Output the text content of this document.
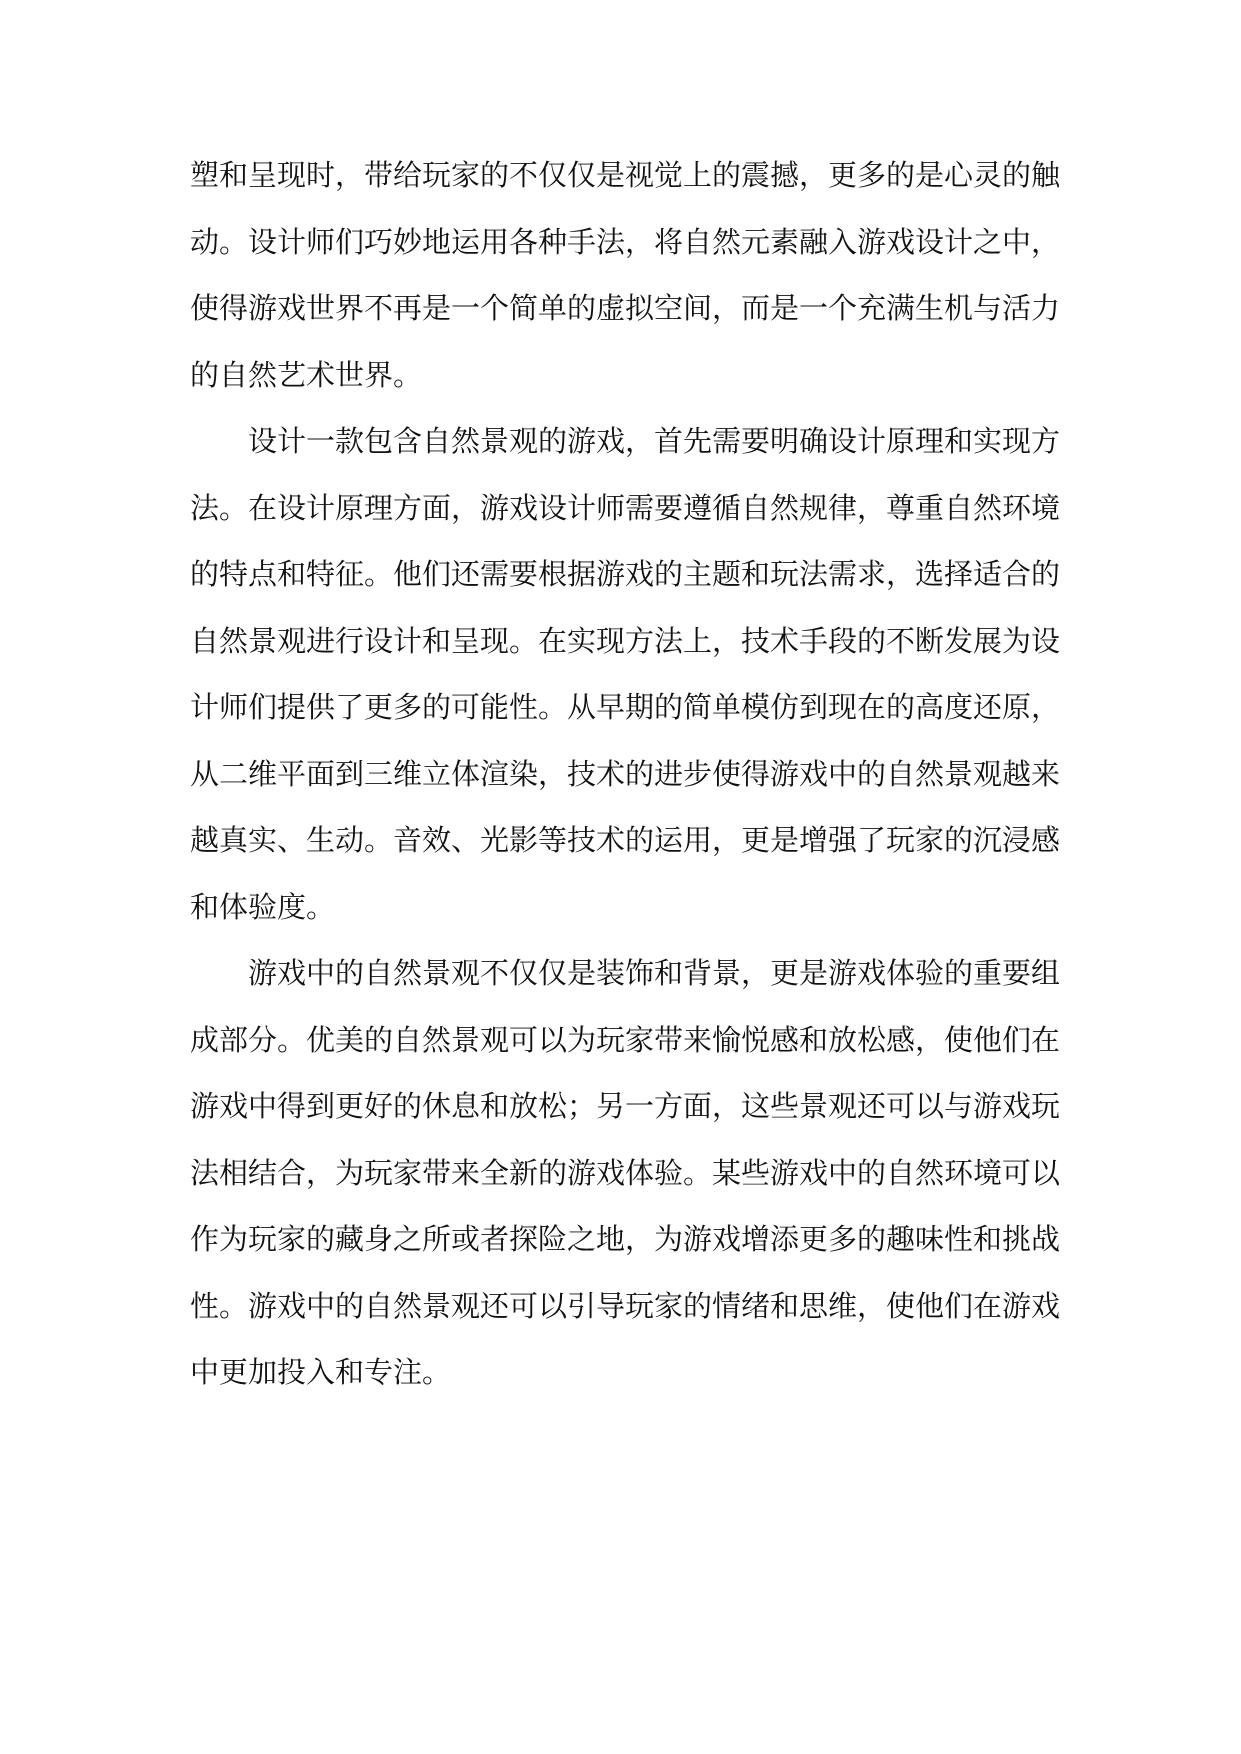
塑和呈现时，带给玩家的不仅仅是视觉上的震撼，更多的是心灵的触动。设计师们巧妙地运用各种手法，将自然元素融入游戏设计之中，使得游戏世界不再是一个简单的虚拟空间，而是一个充满生机与活力的自然艺术世界。

设计一款包含自然景观的游戏，首先需要明确设计原理和实现方法。在设计原理方面，游戏设计师需要遵循自然规律，尊重自然环境的特点和特征。他们还需要根据游戏的主题和玩法需求，选择适合的自然景观进行设计和呈现。在实现方法上，技术手段的不断发展为设计师们提供了更多的可能性。从早期的简单模仿到现在的高度还原，从二维平面到三维立体渲染，技术的进步使得游戏中的自然景观越来越真实、生动。音效、光影等技术的运用，更是增强了玩家的沉浸感和体验度。

游戏中的自然景观不仅仅是装饰和背景，更是游戏体验的重要组成部分。优美的自然景观可以为玩家带来愉悦感和放松感，使他们在游戏中得到更好的休息和放松；另一方面，这些景观还可以与游戏玩法相结合，为玩家带来全新的游戏体验。某些游戏中的自然环境可以作为玩家的藏身之所或者探险之地，为游戏增添更多的趣味性和挑战性。游戏中的自然景观还可以引导玩家的情绪和思维，使他们在游戏中更加投入和专注。
